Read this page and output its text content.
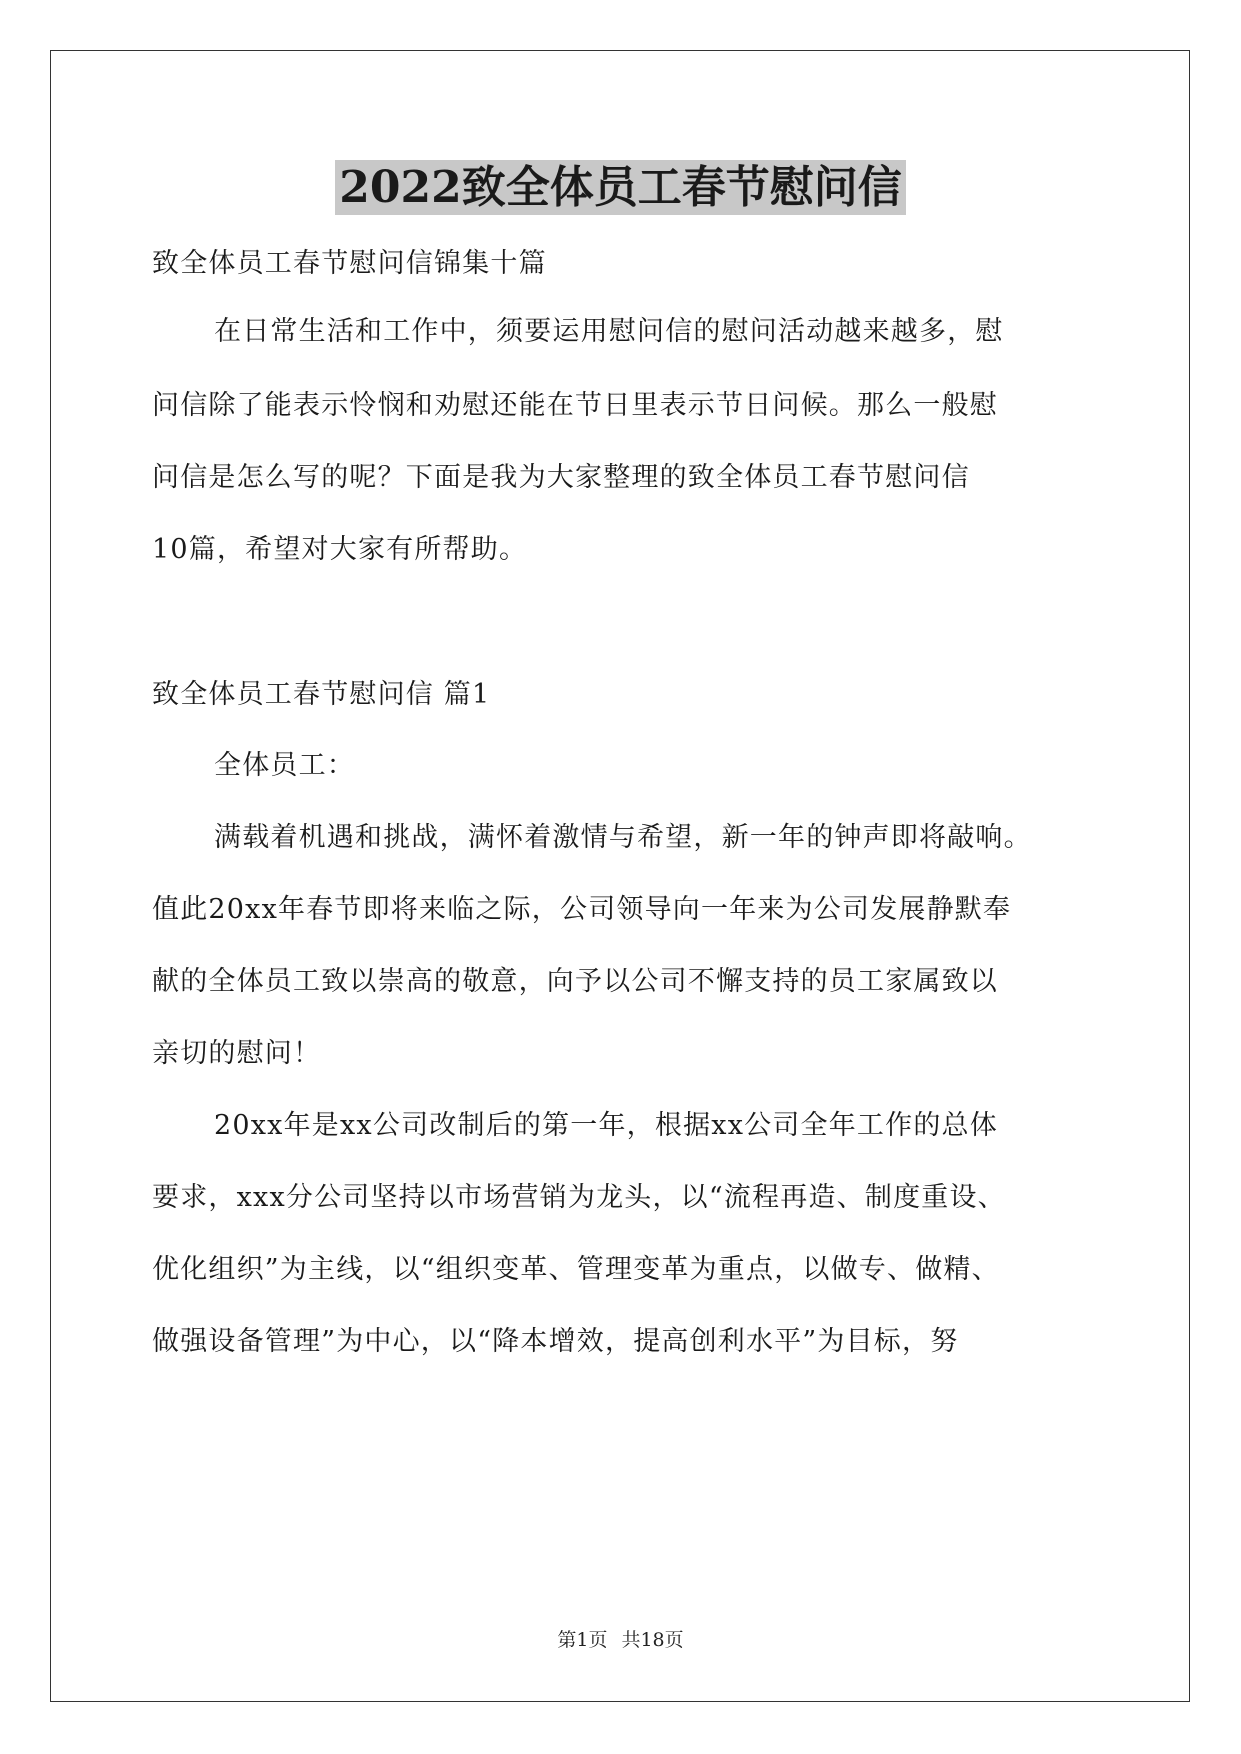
2022致全体员工春节慰问信
致全体员工春节慰问信锦集十篇
在日常生活和工作中，须要运用慰问信的慰问活动越来越多，慰
问信除了能表示怜悯和劝慰还能在节日里表示节日问候。那么一般慰
问信是怎么写的呢？下面是我为大家整理的致全体员工春节慰问信
10篇，希望对大家有所帮助。
致全体员工春节慰问信 篇1
全体员工：
满载着机遇和挑战，满怀着激情与希望，新一年的钟声即将敲响。
值此20xx年春节即将来临之际，公司领导向一年来为公司发展静默奉
献的全体员工致以崇高的敬意，向予以公司不懈支持的员工家属致以
亲切的慰问！
20xx年是xx公司改制后的第一年，根据xx公司全年工作的总体
要求，xxx分公司坚持以市场营销为龙头，以“流程再造、制度重设、
优化组织”为主线，以“组织变革、管理变革为重点，以做专、做精、
做强设备管理”为中心，以“降本增效，提高创利水平”为目标，努
第1页 共18页
